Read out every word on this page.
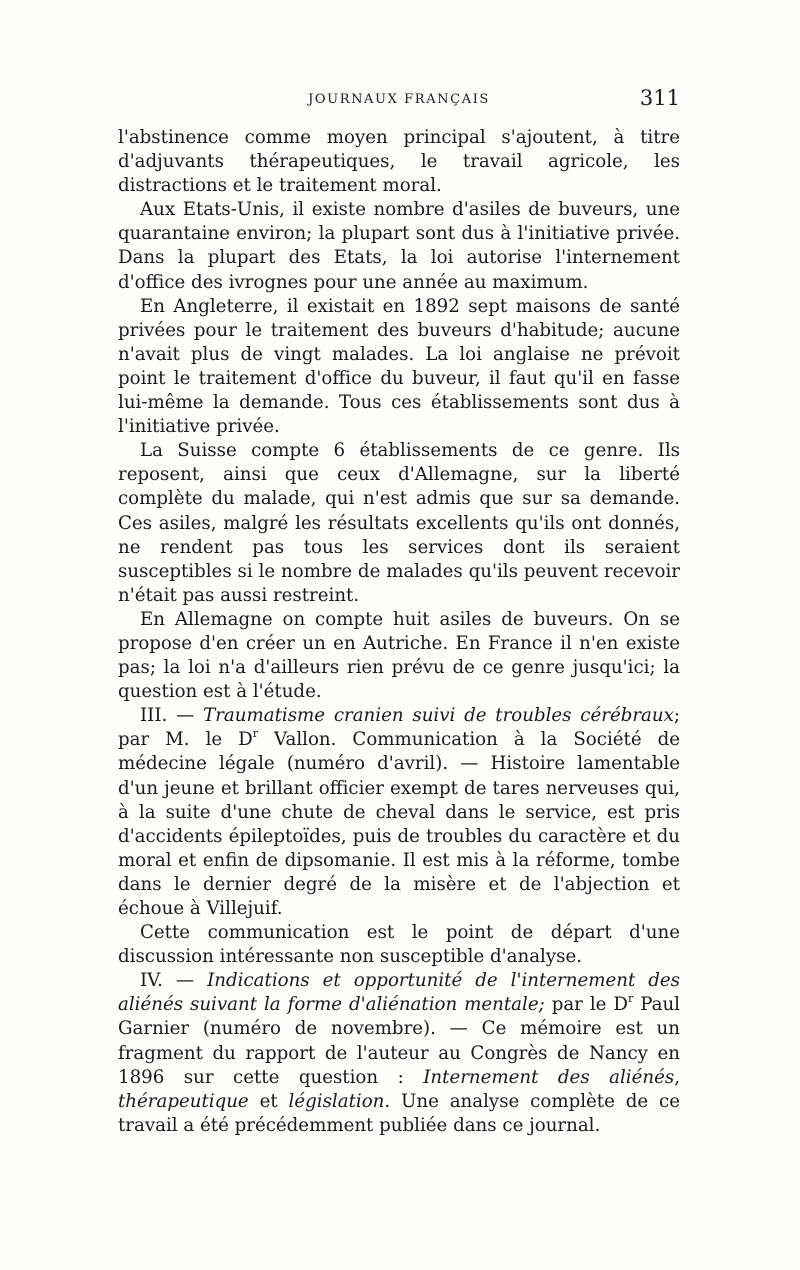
JOURNAUX FRANÇAIS	311

l'abstinence comme moyen principal s'ajoutent, à titre d'adjuvants thérapeutiques, le travail agricole, les distractions et le traitement moral.

Aux Etats-Unis, il existe nombre d'asiles de buveurs, une quarantaine environ; la plupart sont dus à l'initiative privée. Dans la plupart des Etats, la loi autorise l'internement d'office des ivrognes pour une année au maximum.

En Angleterre, il existait en 1892 sept maisons de santé privées pour le traitement des buveurs d'habitude; aucune n'avait plus de vingt malades. La loi anglaise ne prévoit point le traitement d'office du buveur, il faut qu'il en fasse lui-même la demande. Tous ces établissements sont dus à l'initiative privée.

La Suisse compte 6 établissements de ce genre. Ils reposent, ainsi que ceux d'Allemagne, sur la liberté complète du malade, qui n'est admis que sur sa demande. Ces asiles, malgré les résultats excellents qu'ils ont donnés, ne rendent pas tous les services dont ils seraient susceptibles si le nombre de malades qu'ils peuvent recevoir n'était pas aussi restreint.

En Allemagne on compte huit asiles de buveurs. On se propose d'en créer un en Autriche. En France il n'en existe pas; la loi n'a d'ailleurs rien prévu de ce genre jusqu'ici; la question est à l'étude.

III. — Traumatisme cranien suivi de troubles cérébraux; par M. le $D^r$ Vallon. Communication à la Société de médecine légale (numéro d'avril). — Histoire lamentable d'un jeune et brillant officier exempt de tares nerveuses qui, à la suite d'une chute de cheval dans le service, est pris d'accidents épileptoïdes, puis de troubles du caractère et du moral et enfin de dipsomanie. Il est mis à la réforme, tombe dans le dernier degré de la misère et de l'abjection et échoue à Villejuif.

Cette communication est le point de départ d'une discussion intéressante non susceptible d'analyse.

IV. — Indications et opportunité de l'internement des aliénés suivant la forme d'aliénation mentale; par le $D^r$ Paul Garnier (numéro de novembre). — Ce mémoire est un fragment du rapport de l'auteur au Congrès de Nancy en 1896 sur cette question : Internement des aliénés, thérapeutique et législation. Une analyse complète de ce travail a été précédemment publiée dans ce journal.
